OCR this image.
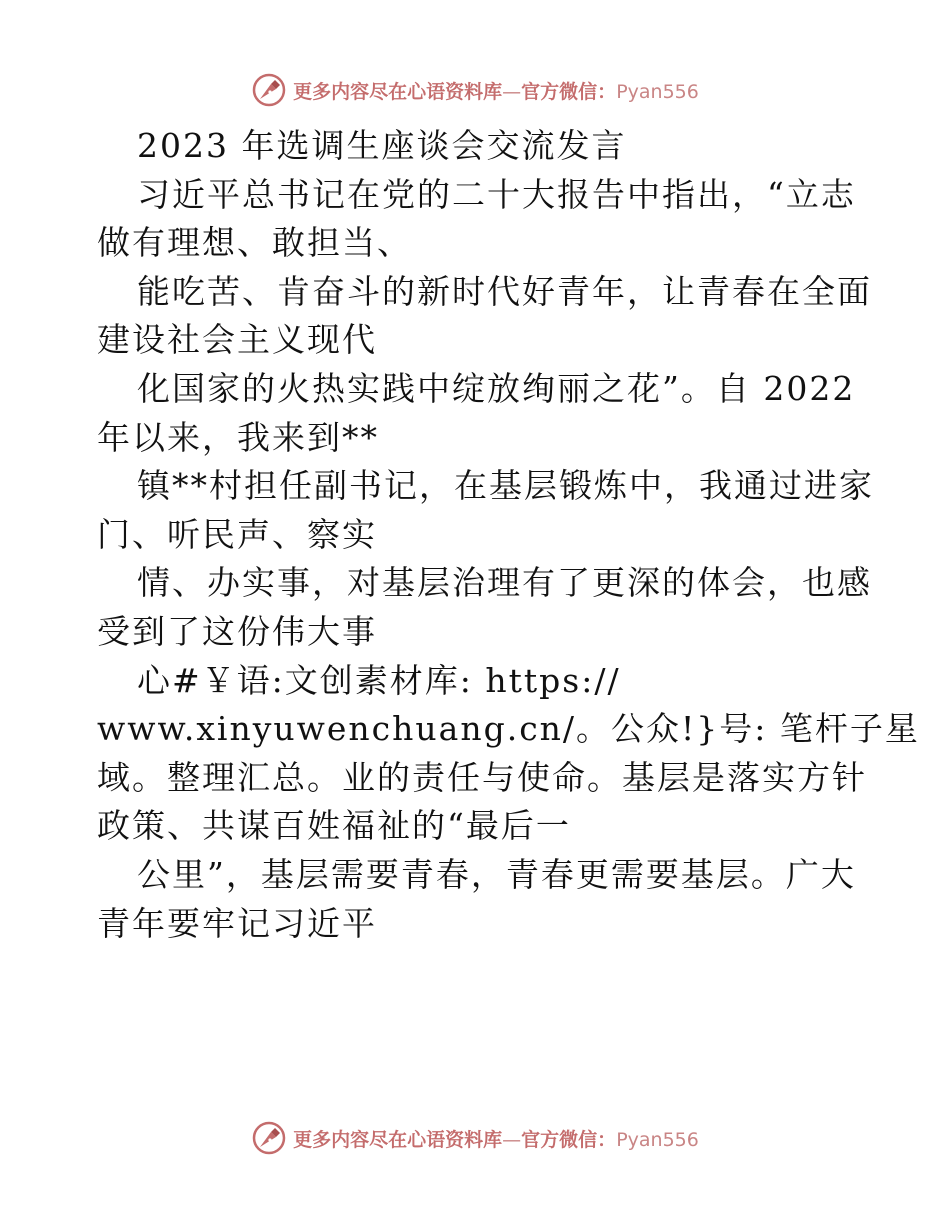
更多内容尽在心语资料库—官方微信：Pyan556
2023 年选调生座谈会交流发言
习近平总书记在党的二十大报告中指出，“立志
做有理想、敢担当、
能吃苦、肯奋斗的新时代好青年，让青春在全面
建设社会主义现代
化国家的火热实践中绽放绚丽之花”。自 2022
年以来，我来到**
镇**村担任副书记，在基层锻炼中，我通过进家
门、听民声、察实
情、办实事，对基层治理有了更深的体会，也感
受到了这份伟大事
心#￥语:文创素材库: https://
www.xinyuwenchuang.cn/。公众!}号: 笔杆子星
域。整理汇总。业的责任与使命。基层是落实方针
政策、共谋百姓福祉的“最后一
公里”，基层需要青春，青春更需要基层。广大
青年要牢记习近平
更多内容尽在心语资料库—官方微信：Pyan556
